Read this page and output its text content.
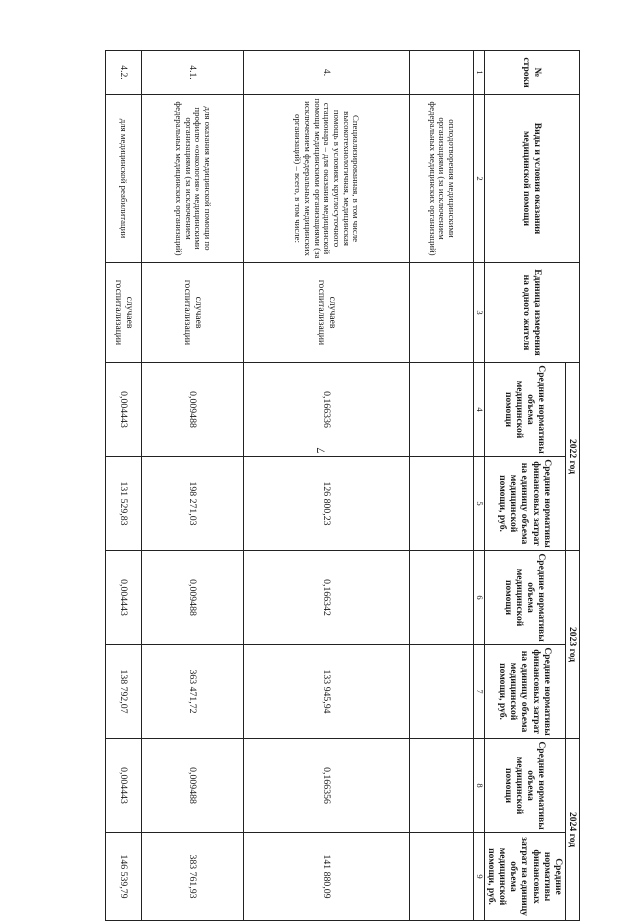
7
№ строки	Виды и условия оказания медицинской помощи	Единица измерения на одного жителя	2022 год		2023 год		2024 год	
			Средние нормативы объема медицинской помощи	Средние нормативы финансовых затрат на единицу объема медицинской помощи, руб.	Средние нормативы объема медицинской помощи	Средние нормативы финансовых затрат на единицу объема медицинской помощи, руб.	Средние нормативы объема медицинской помощи	Средние нормативы финансовых затрат на единицу объема медицинской помощи, руб.
1	2	3	4	5	6	7	8	9
	оплодотворения медицинскими организациями (за исключением федеральных медицинских организаций)							
4.	Специализированная, в том числе высокотехнологичная, медицинская помощь в условиях круглосуточного стационара – для оказания медицинской помощи медицинскими организациями (за исключением федеральных медицинских организаций) – всего, в том числе:	случаев госпитализации	0,166336	126 800,23	0,166342	133 945,94	0,166356	141 880,09
4.1.	для оказания медицинской помощи по профилю «онкология» медицинскими организациями (за исключением федеральных медицинских организаций)	случаев госпитализации	0,009488	198 271,03	0,009488	363 471,72	0,009488	383 761,93
4.2.	для медицинской реабилитации	случаев госпитализации	0,004443	131 529,83	0,004443	138 792,07	0,004443	146 539,79
